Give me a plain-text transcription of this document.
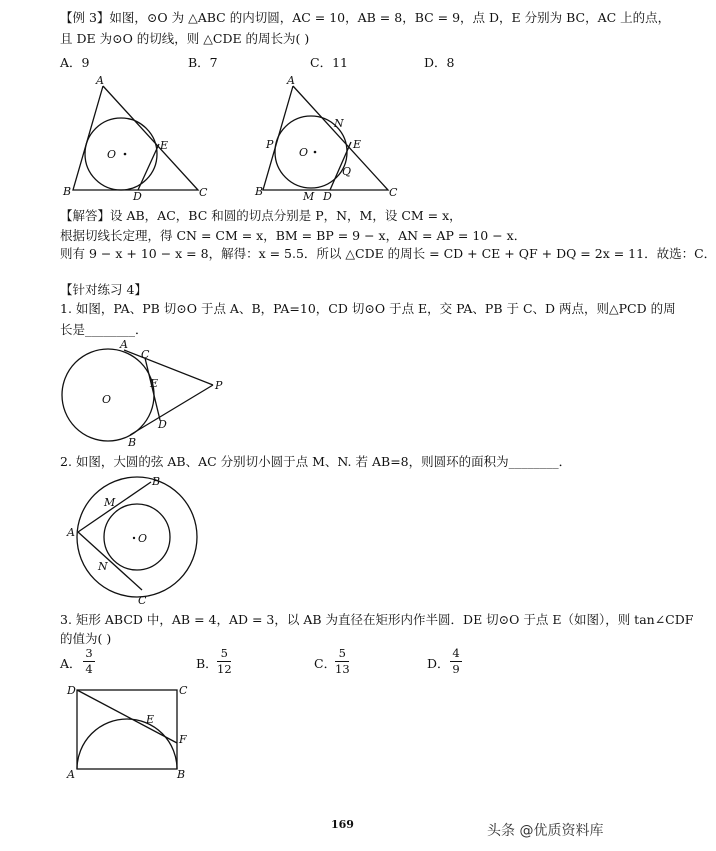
【例 3】如图，⊙O 为 △ABC 的内切圆，AC = 10，AB = 8，BC = 9，点 D，E 分别为 BC，AC 上的点，
且 DE 为⊙O 的切线，则 △CDE 的周长为( )
A．9	B．7	C．11	D．8
A
O
E
B	D	C
A
N
P
O
E
Q
B	M D	C
【解答】设 AB，AC，BC 和圆的切点分别是 P，N，M，设 CM = x，
根据切线长定理，得 CN = CM = x，BM = BP = 9 − x，AN = AP = 10 − x．
则有 9 − x + 10 − x = 8，解得：x = 5.5．所以 △CDE 的周长 = CD + CE + QF + DQ = 2x = 11．故选：C．
【针对练习 4】
1. 如图，PA、PB 切⊙O 于点 A、B，PA=10，CD 切⊙O 于点 E，交 PA、PB 于 C、D 两点，则△PCD 的周
长是________．
A
C
E	P
O
D
B
2. 如图，大圆的弦 AB、AC 分别切小圆于点 M、N. 若 AB=8，则圆环的面积为________．
B
M
A	O
N
C
3. 矩形 ABCD 中，AB = 4，AD = 3，以 AB 为直径在矩形内作半圆．DE 切⊙O 于点 E（如图），则 tan∠CDF
的值为( )
A．
3
4	B．
5
12	C．
5
13	D．
4
9
D	C
E
F
A	B
169	头条 @优质资料库
